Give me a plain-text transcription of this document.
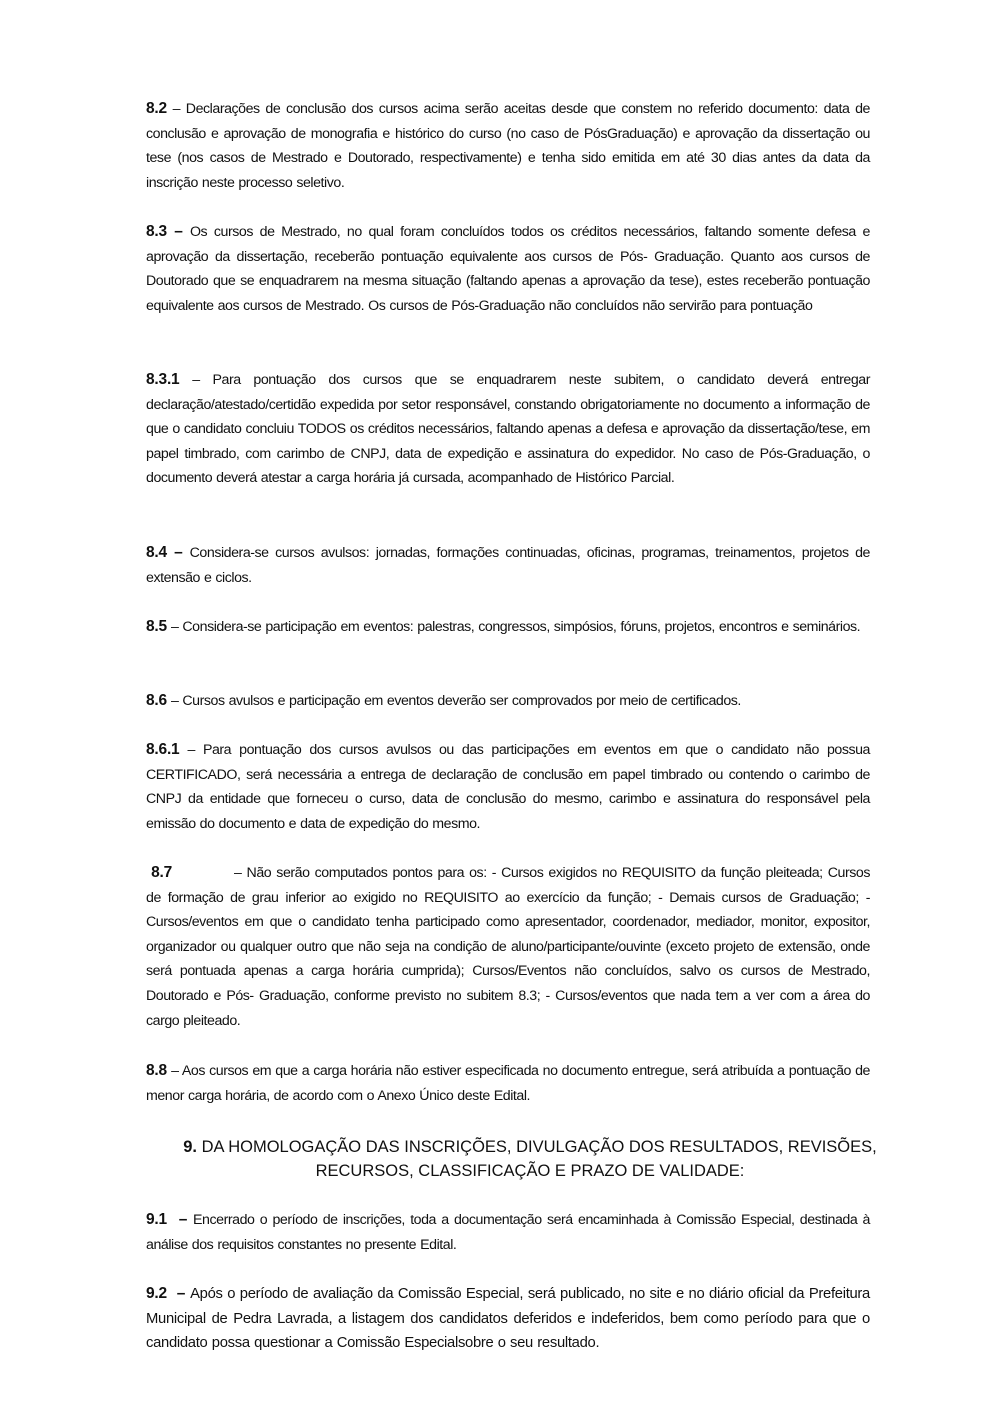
8.2 – Declarações de conclusão dos cursos acima serão aceitas desde que constem no referido documento: data de conclusão e aprovação de monografia e histórico do curso (no caso de PósGraduação) e aprovação da dissertação ou tese (nos casos de Mestrado e Doutorado, respectivamente) e tenha sido emitida em até 30 dias antes da data da inscrição neste processo seletivo.

8.3 – Os cursos de Mestrado, no qual foram concluídos todos os créditos necessários, faltando somente defesa e aprovação da dissertação, receberão pontuação equivalente aos cursos de Pós- Graduação. Quanto aos cursos de Doutorado que se enquadrarem na mesma situação (faltando apenas a aprovação da tese), estes receberão pontuação equivalente aos cursos de Mestrado. Os cursos de Pós-Graduação não concluídos não servirão para pontuação

8.3.1 – Para pontuação dos cursos que se enquadrarem neste subitem, o candidato deverá entregar declaração/atestado/certidão expedida por setor responsável, constando obrigatoriamente no documento a informação de que o candidato concluiu TODOS os créditos necessários, faltando apenas a defesa e aprovação da dissertação/tese, em papel timbrado, com carimbo de CNPJ, data de expedição e assinatura do expedidor. No caso de Pós-Graduação, o documento deverá atestar a carga horária já cursada, acompanhado de Histórico Parcial.

8.4 – Considera-se cursos avulsos: jornadas, formações continuadas, oficinas, programas, treinamentos, projetos de extensão e ciclos.

8.5 – Considera-se participação em eventos: palestras, congressos, simpósios, fóruns, projetos, encontros e seminários.

8.6 – Cursos avulsos e participação em eventos deverão ser comprovados por meio de certificados.

8.6.1 – Para pontuação dos cursos avulsos ou das participações em eventos em que o candidato não possua CERTIFICADO, será necessária a entrega de declaração de conclusão em papel timbrado ou contendo o carimbo de CNPJ da entidade que forneceu o curso, data de conclusão do mesmo, carimbo e assinatura do responsável pela emissão do documento e data de expedição do mesmo.

8.7	– Não serão computados pontos para os: - Cursos exigidos no REQUISITO da função pleiteada; Cursos de formação de grau inferior ao exigido no REQUISITO ao exercício da função; - Demais cursos de Graduação; - Cursos/eventos em que o candidato tenha participado como apresentador, coordenador, mediador, monitor, expositor, organizador ou qualquer outro que não seja na condição de aluno/participante/ouvinte (exceto projeto de extensão, onde será pontuada apenas a carga horária cumprida); Cursos/Eventos não concluídos, salvo os cursos de Mestrado, Doutorado e Pós- Graduação, conforme previsto no subitem 8.3; - Cursos/eventos que nada tem a ver com a área do cargo pleiteado.

8.8 – Aos cursos em que a carga horária não estiver especificada no documento entregue, será atribuída a pontuação de menor carga horária, de acordo com o Anexo Único deste Edital.

9. DA HOMOLOGAÇÃO DAS INSCRIÇÕES, DIVULGAÇÃO DOS RESULTADOS, REVISÕES,
RECURSOS, CLASSIFICAÇÃO E PRAZO DE VALIDADE:

9.1  – Encerrado o período de inscrições, toda a documentação será encaminhada à Comissão Especial, destinada à análise dos requisitos constantes no presente Edital.

9.2  – Após o período de avaliação da Comissão Especial, será publicado, no site e no diário oficial da Prefeitura Municipal de Pedra Lavrada, a listagem dos candidatos deferidos e indeferidos, bem como período para que o candidato possa questionar a Comissão Especialsobre o seu resultado.
